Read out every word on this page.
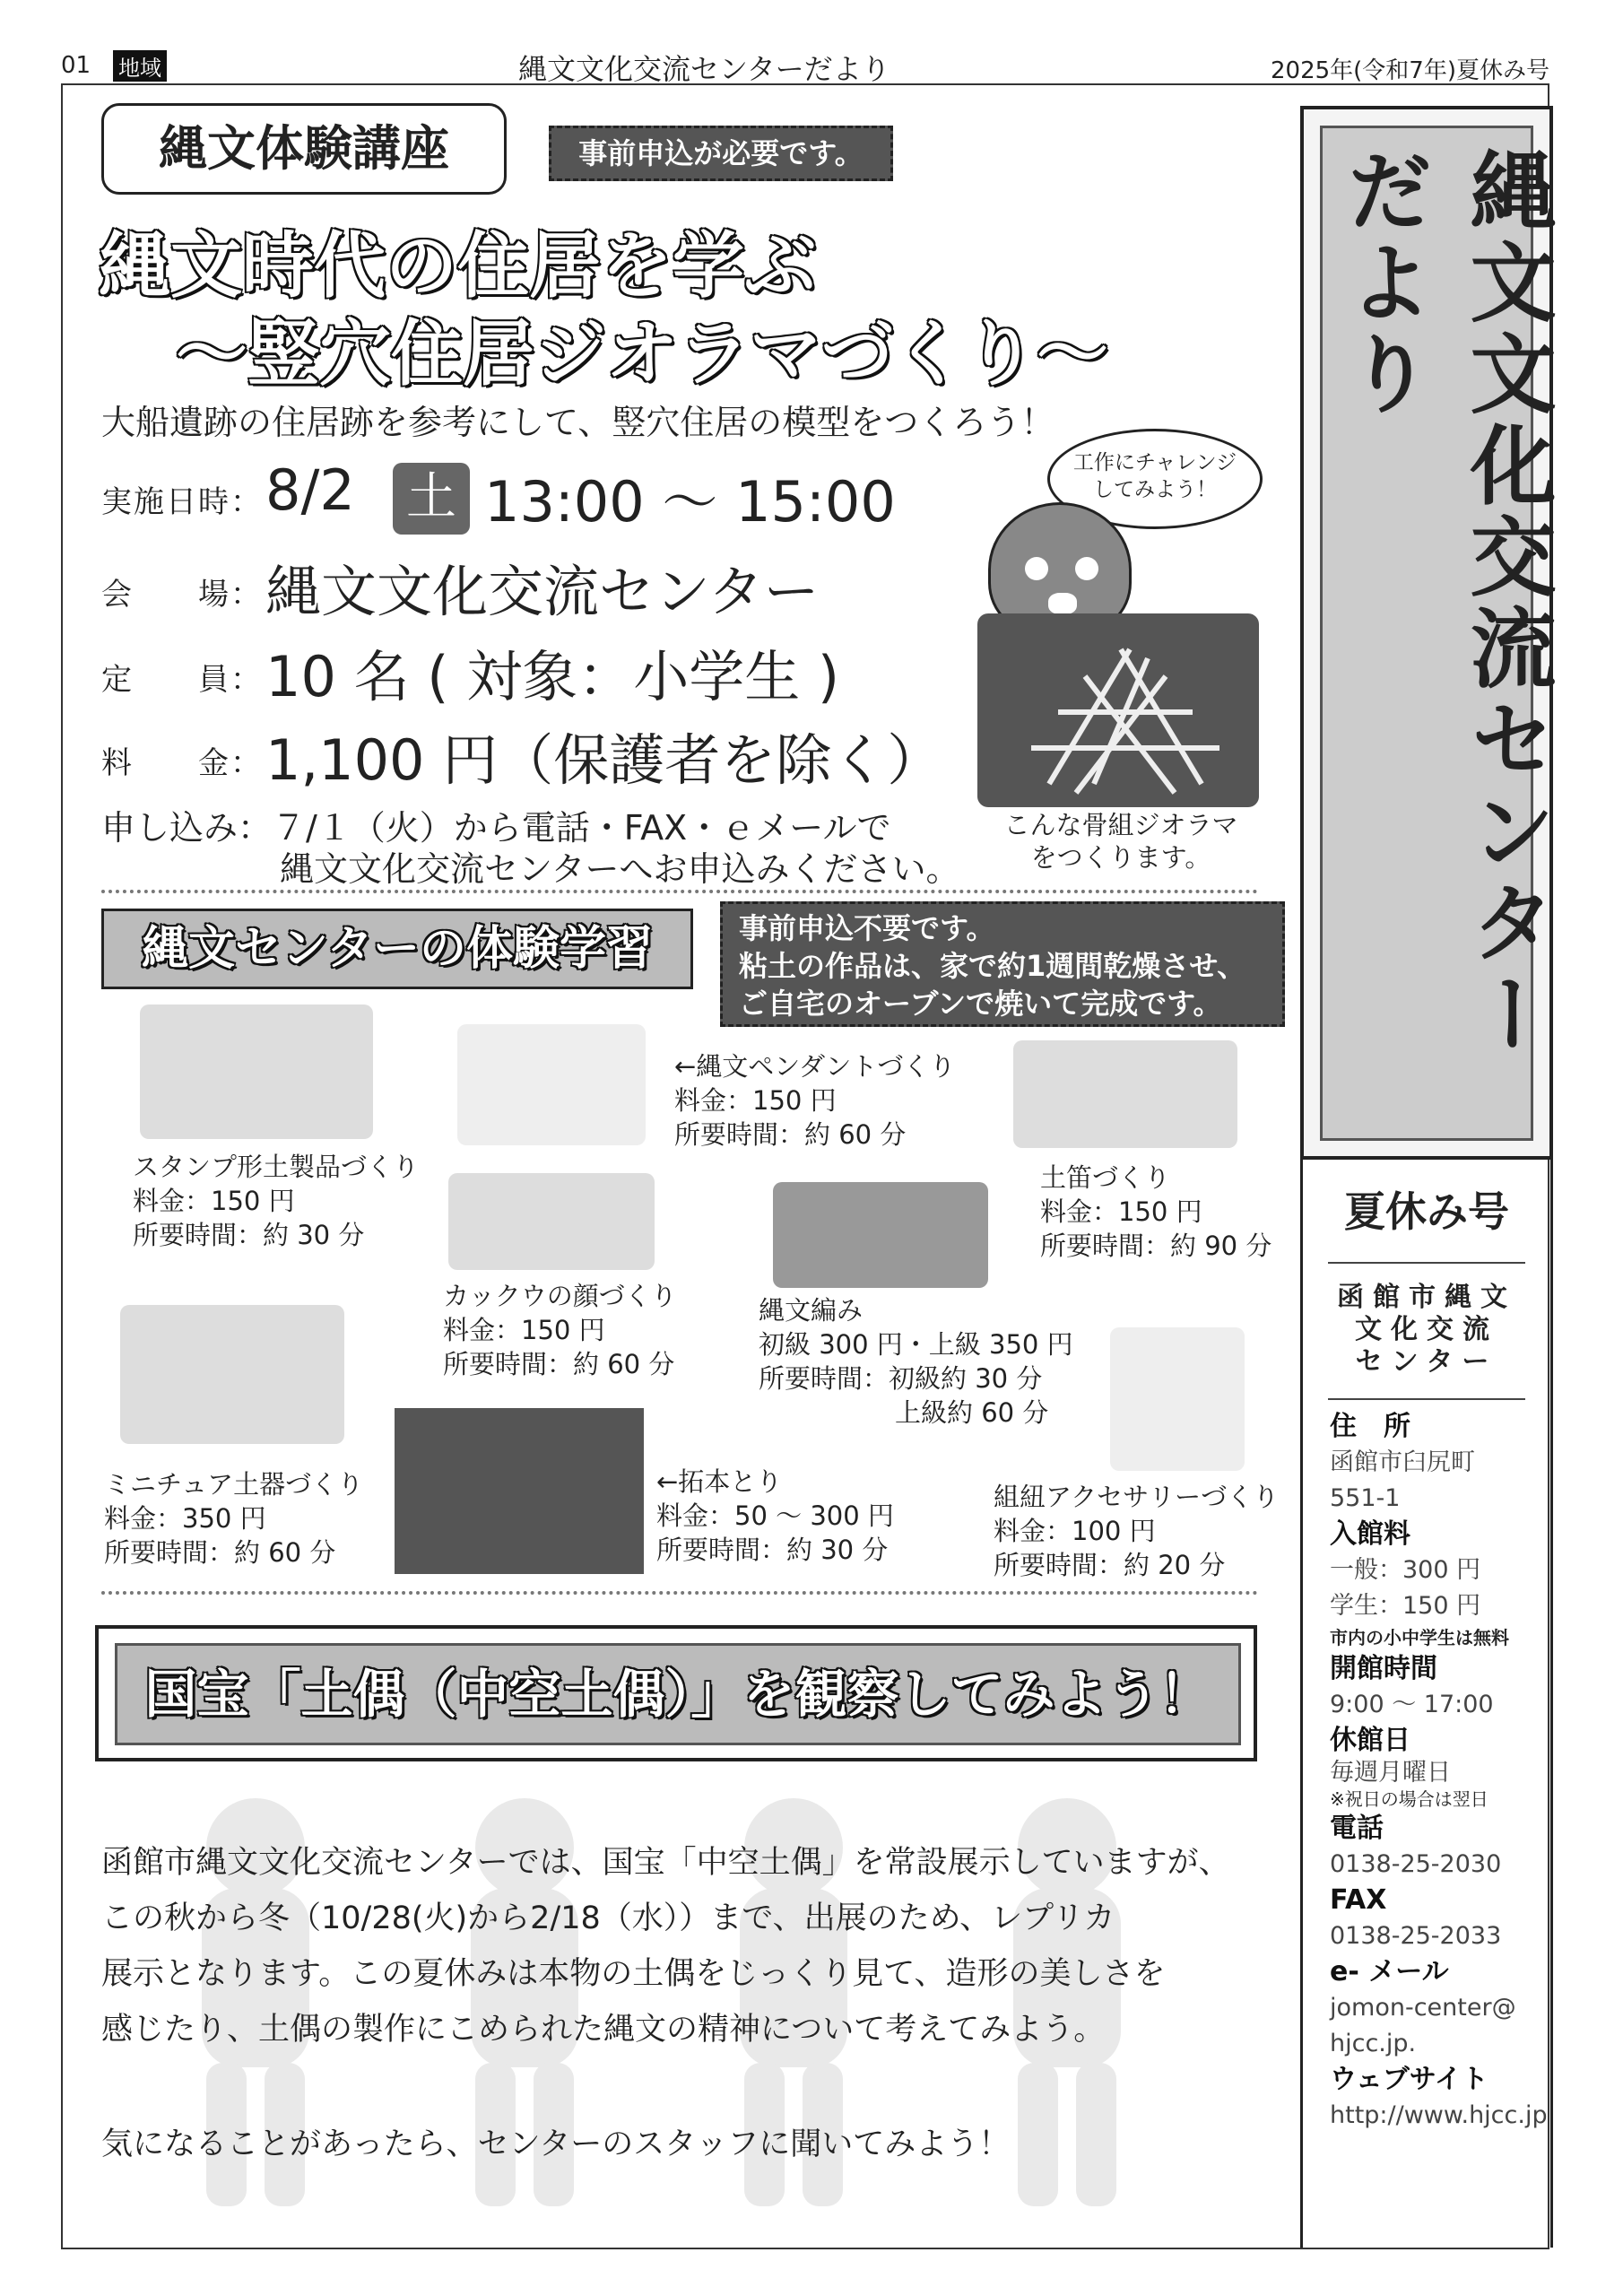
01 地域	縄文文化交流センターだより	2025年(令和7年)夏休み号
縄文体験講座	事前申込が必要です。
縄文時代の住居を学ぶ
～竪穴住居ジオラマづくり～
大船遺跡の住居跡を参考にして、竪穴住居の模型をつくろう！
実施日時： 8/2 土 13:00 ～ 15:00
会　　場： 縄文文化交流センター
定　　員： 10 名 ( 対象：小学生 )
料　　金： 1,100 円（保護者を除く）
申し込み：７/１（火）から電話・FAX・ｅメールで
縄文文化交流センターへお申込みください。
工作にチャレンジしてみよう！
こんな骨組ジオラマ
をつくります。
縄文センターの体験学習	事前申込不要です。
粘土の作品は、家で約1週間乾燥させ、
ご自宅のオーブンで焼いて完成です。
スタンプ形土製品づくり
料金：150 円
所要時間：約 30 分
←縄文ペンダントづくり
料金：150 円
所要時間：約 60 分
土笛づくり
料金：150 円
所要時間：約 90 分
カックウの顔づくり
料金：150 円
所要時間：約 60 分
縄文編み
初級 300 円・上級 350 円
所要時間：初級約 30 分
上級約 60 分
ミニチュア土器づくり
料金：350 円
所要時間：約 60 分
←拓本とり
料金：50 ～ 300 円
所要時間：約 30 分
組紐アクセサリーづくり
料金：100 円
所要時間：約 20 分
国宝「土偶（中空土偶）」を観察してみよう！
函館市縄文文化交流センターでは、国宝「中空土偶」を常設展示していますが、
この秋から冬（10/28(火)から2/18（水））まで、出展のため、レプリカ
展示となります。この夏休みは本物の土偶をじっくり見て、造形の美しさを
感じたり、土偶の製作にこめられた縄文の精神について考えてみよう。
気になることがあったら、センターのスタッフに聞いてみよう！
縄文文化交流センターだより
夏休み号
函館市縄文
文化交流
センター
住　所
函館市臼尻町
551-1
入館料
一般：300 円
学生：150 円
市内の小中学生は無料
開館時間
9:00 ～ 17:00
休館日
毎週月曜日
※祝日の場合は翌日
電話
0138-25-2030
FAX
0138-25-2033
e- メール
jomon-center@
hjcc.jp.
ウェブサイト
http://www.hjcc.jp
